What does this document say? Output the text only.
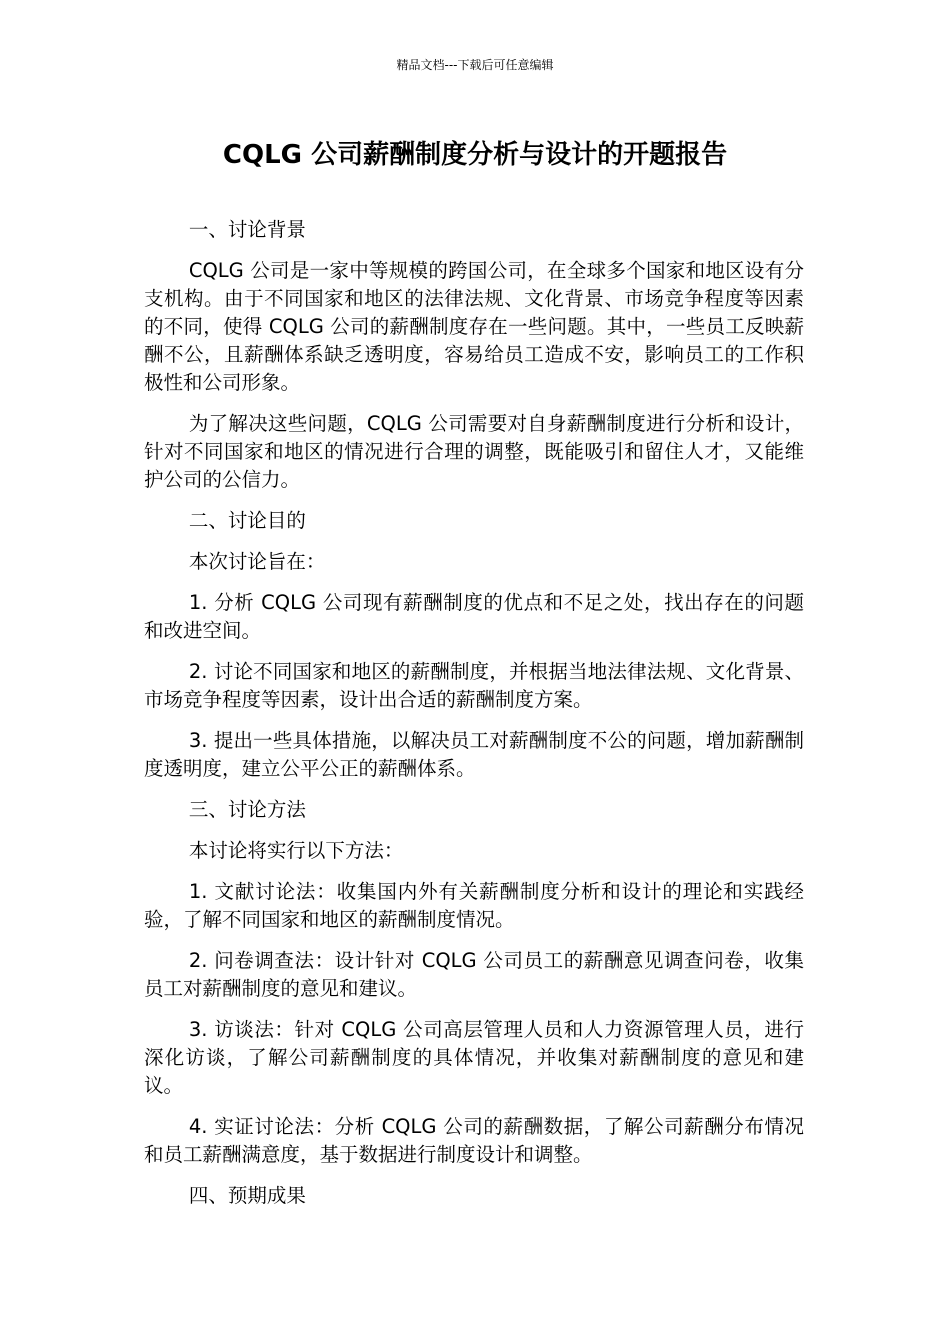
精品文档---下载后可任意编辑
CQLG 公司薪酬制度分析与设计的开题报告

一、讨论背景

CQLG 公司是一家中等规模的跨国公司，在全球多个国家和地区设有分支机构。由于不同国家和地区的法律法规、文化背景、市场竞争程度等因素的不同，使得 CQLG 公司的薪酬制度存在一些问题。其中，一些员工反映薪酬不公，且薪酬体系缺乏透明度，容易给员工造成不安，影响员工的工作积极性和公司形象。

为了解决这些问题，CQLG 公司需要对自身薪酬制度进行分析和设计，针对不同国家和地区的情况进行合理的调整，既能吸引和留住人才，又能维护公司的公信力。

二、讨论目的

本次讨论旨在：

1. 分析 CQLG 公司现有薪酬制度的优点和不足之处，找出存在的问题和改进空间。

2. 讨论不同国家和地区的薪酬制度，并根据当地法律法规、文化背景、市场竞争程度等因素，设计出合适的薪酬制度方案。

3. 提出一些具体措施，以解决员工对薪酬制度不公的问题，增加薪酬制度透明度，建立公平公正的薪酬体系。

三、讨论方法

本讨论将实行以下方法：

1. 文献讨论法：收集国内外有关薪酬制度分析和设计的理论和实践经验，了解不同国家和地区的薪酬制度情况。

2. 问卷调查法：设计针对 CQLG 公司员工的薪酬意见调查问卷，收集员工对薪酬制度的意见和建议。

3. 访谈法：针对 CQLG 公司高层管理人员和人力资源管理人员，进行深化访谈，了解公司薪酬制度的具体情况，并收集对薪酬制度的意见和建议。

4. 实证讨论法：分析 CQLG 公司的薪酬数据，了解公司薪酬分布情况和员工薪酬满意度，基于数据进行制度设计和调整。

四、预期成果
